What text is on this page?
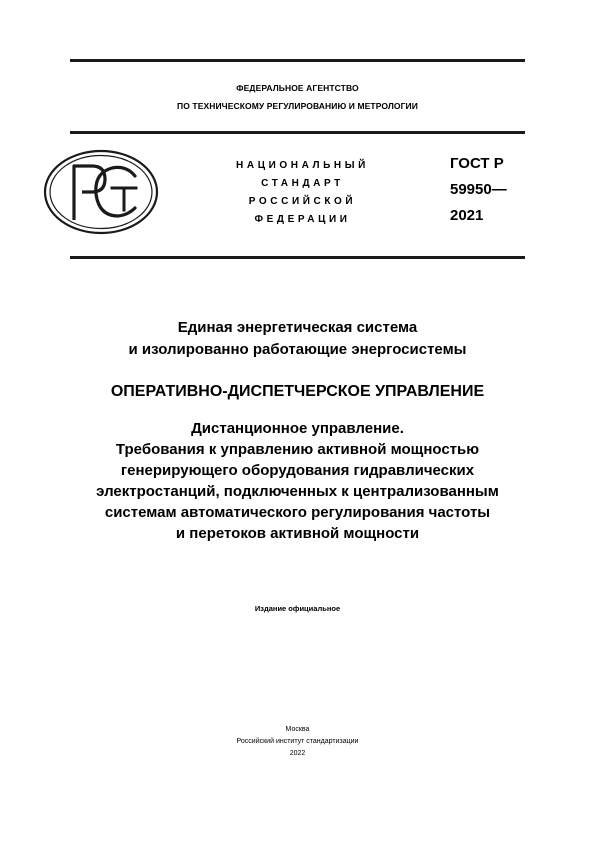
ФЕДЕРАЛЬНОЕ АГЕНТСТВО
ПО ТЕХНИЧЕСКОМУ РЕГУЛИРОВАНИЮ И МЕТРОЛОГИИ
НАЦИОНАЛЬНЫЙ
СТАНДАРТ
РОССИЙСКОЙ
ФЕДЕРАЦИИ
ГОСТ Р
59950—
2021
Единая энергетическая система
и изолированно работающие энергосистемы
ОПЕРАТИВНО-ДИСПЕТЧЕРСКОЕ УПРАВЛЕНИЕ
Дистанционное управление.
Требования к управлению активной мощностью
генерирующего оборудования гидравлических
электростанций, подключенных к централизованным
системам автоматического регулирования частоты
и перетоков активной мощности
Издание официальное
Москва
Российский институт стандартизации
2022
